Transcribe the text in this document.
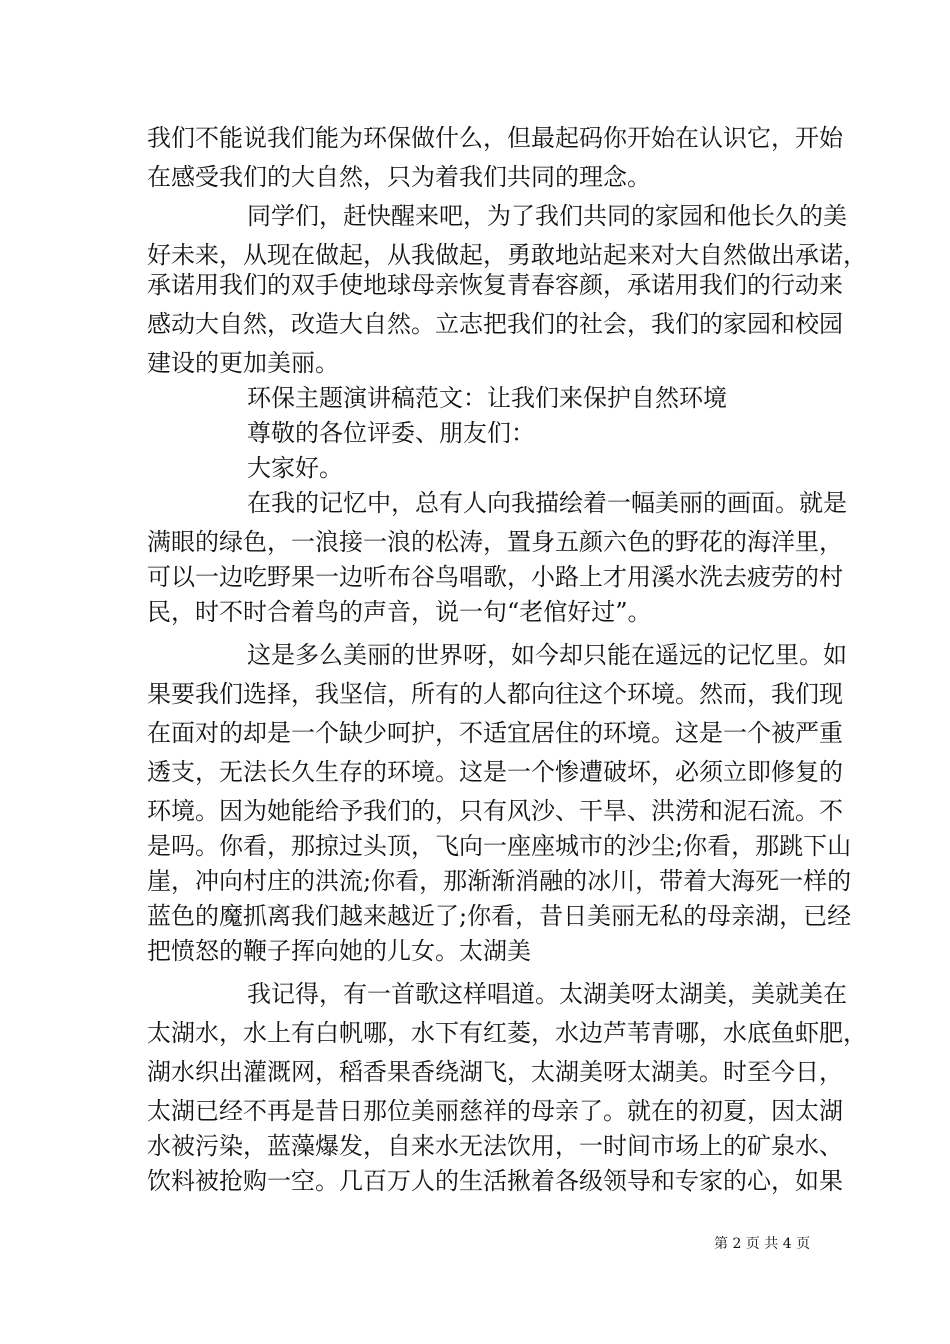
我们不能说我们能为环保做什么，但最起码你开始在认识它，开始
在感受我们的大自然，只为着我们共同的理念。
同学们，赶快醒来吧，为了我们共同的家园和他长久的美
好未来，从现在做起，从我做起，勇敢地站起来对大自然做出承诺，
承诺用我们的双手使地球母亲恢复青春容颜，承诺用我们的行动来
感动大自然，改造大自然。立志把我们的社会，我们的家园和校园
建设的更加美丽。
环保主题演讲稿范文：让我们来保护自然环境
尊敬的各位评委、朋友们：
大家好。
在我的记忆中，总有人向我描绘着一幅美丽的画面。就是
满眼的绿色，一浪接一浪的松涛，置身五颜六色的野花的海洋里，
可以一边吃野果一边听布谷鸟唱歌，小路上才用溪水洗去疲劳的村
民，时不时合着鸟的声音，说一句“老倌好过”。
这是多么美丽的世界呀，如今却只能在遥远的记忆里。如
果要我们选择，我坚信，所有的人都向往这个环境。然而，我们现
在面对的却是一个缺少呵护，不适宜居住的环境。这是一个被严重
透支，无法长久生存的环境。这是一个惨遭破坏，必须立即修复的
环境。因为她能给予我们的，只有风沙、干旱、洪涝和泥石流。不
是吗。你看，那掠过头顶，飞向一座座城市的沙尘;你看，那跳下山
崖，冲向村庄的洪流;你看，那渐渐消融的冰川，带着大海死一样的
蓝色的魔抓离我们越来越近了;你看，昔日美丽无私的母亲湖，已经
把愤怒的鞭子挥向她的儿女。太湖美
我记得，有一首歌这样唱道。太湖美呀太湖美，美就美在
太湖水，水上有白帆哪，水下有红菱，水边芦苇青哪，水底鱼虾肥，
湖水织出灌溉网，稻香果香绕湖飞，太湖美呀太湖美。时至今日，
太湖已经不再是昔日那位美丽慈祥的母亲了。就在的初夏，因太湖
水被污染，蓝藻爆发，自来水无法饮用，一时间市场上的矿泉水、
饮料被抢购一空。几百万人的生活揪着各级领导和专家的心，如果
第 2 页 共 4 页
